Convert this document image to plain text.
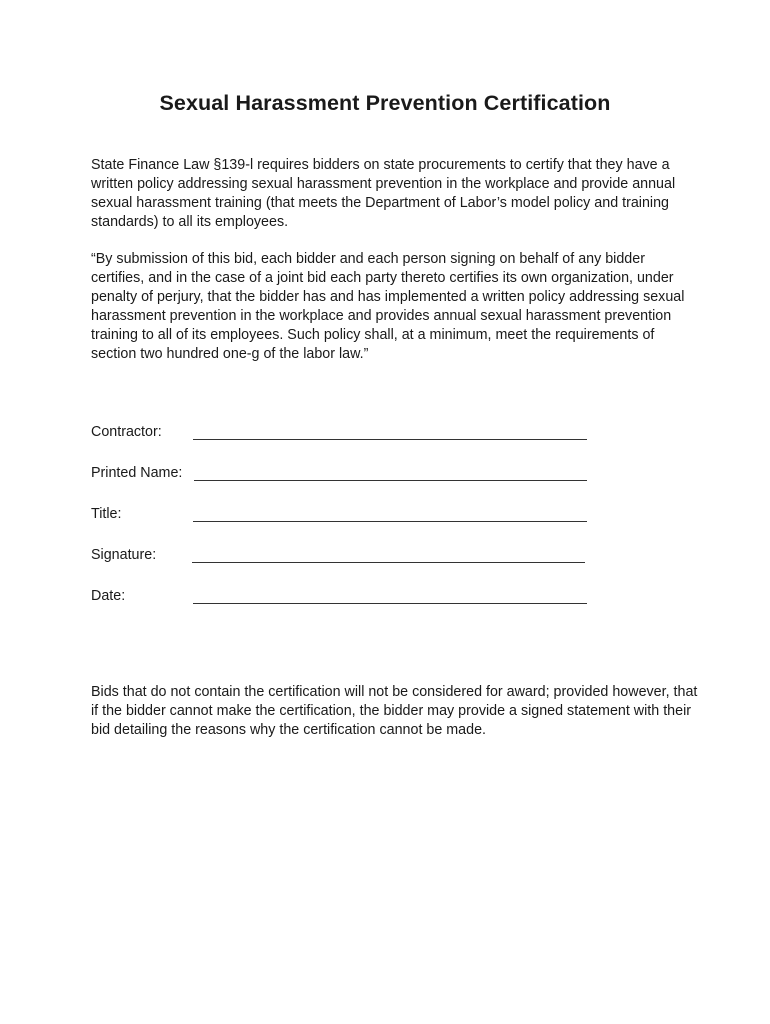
Sexual Harassment Prevention Certification

State Finance Law §139-l requires bidders on state procurements to certify that they have a
written policy addressing sexual harassment prevention in the workplace and provide annual
sexual harassment training (that meets the Department of Labor’s model policy and training
standards) to all its employees.

“By submission of this bid, each bidder and each person signing on behalf of any bidder
certifies, and in the case of a joint bid each party thereto certifies its own organization, under
penalty of perjury, that the bidder has and has implemented a written policy addressing sexual
harassment prevention in the workplace and provides annual sexual harassment prevention
training to all of its employees. Such policy shall, at a minimum, meet the requirements of
section two hundred one-g of the labor law.”

Contractor:
Printed Name:
Title:
Signature:
Date:

Bids that do not contain the certification will not be considered for award; provided however, that
if the bidder cannot make the certification, the bidder may provide a signed statement with their
bid detailing the reasons why the certification cannot be made.
